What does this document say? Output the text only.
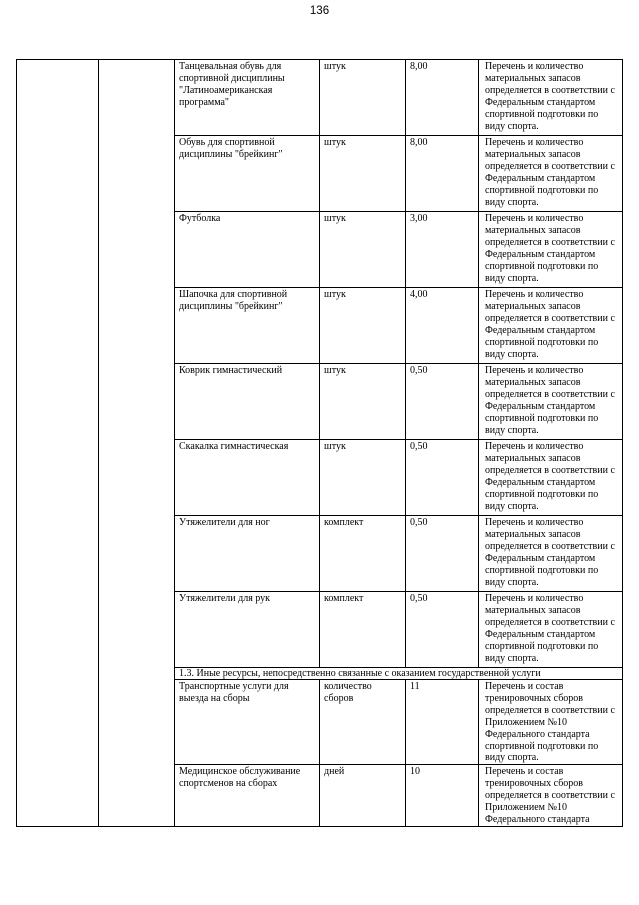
136
		Танцевальная обувь для спортивной дисциплины "Латиноамериканская программа"	штук	8,00	Перечень и количество материальных запасов определяется в соответствии с Федеральным стандартом спортивной подготовки по виду спорта.
		Обувь для спортивной дисциплины "брейкинг"	штук	8,00	Перечень и количество материальных запасов определяется в соответствии с Федеральным стандартом спортивной подготовки по виду спорта.
		Футболка	штук	3,00	Перечень и количество материальных запасов определяется в соответствии с Федеральным стандартом спортивной подготовки по виду спорта.
		Шапочка для спортивной дисциплины "брейкинг"	штук	4,00	Перечень и количество материальных запасов определяется в соответствии с Федеральным стандартом спортивной подготовки по виду спорта.
		Коврик гимнастический	штук	0,50	Перечень и количество материальных запасов определяется в соответствии с Федеральным стандартом спортивной подготовки по виду спорта.
		Скакалка гимнастическая	штук	0,50	Перечень и количество материальных запасов определяется в соответствии с Федеральным стандартом спортивной подготовки по виду спорта.
		Утяжелители для ног	комплект	0,50	Перечень и количество материальных запасов определяется в соответствии с Федеральным стандартом спортивной подготовки по виду спорта.
		Утяжелители для рук	комплект	0,50	Перечень и количество материальных запасов определяется в соответствии с Федеральным стандартом спортивной подготовки по виду спорта.
		1.3. Иные ресурсы, непосредственно связанные с оказанием государственной услуги			
		Транспортные услуги для выезда на сборы	количество сборов	11	Перечень и состав тренировочных сборов определяется в соответствии с Приложением №10 Федерального стандарта спортивной подготовки по виду спорта.
		Медицинское обслуживание спортсменов на сборах	дней	10	Перечень и состав тренировочных сборов определяется в соответствии с Приложением №10 Федерального стандарта
